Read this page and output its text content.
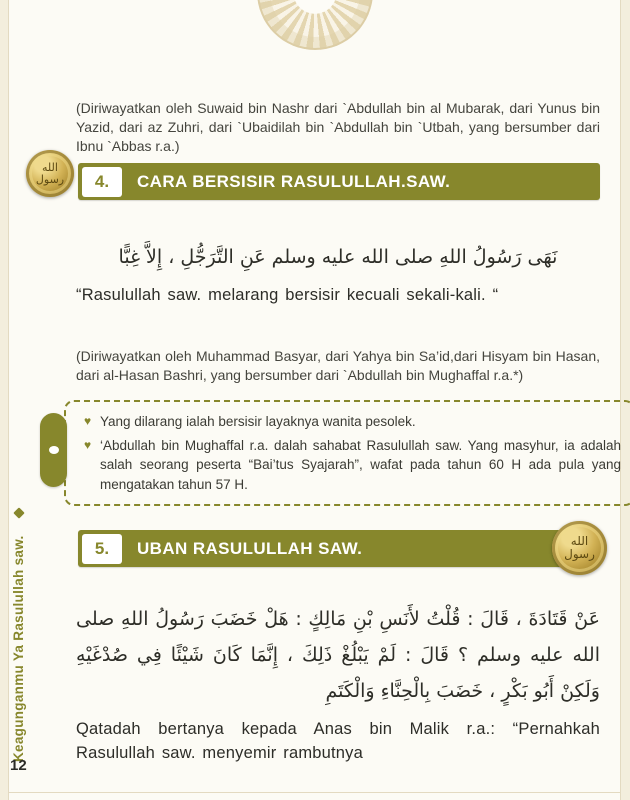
(Diriwayatkan oleh Suwaid bin Nashr dari `Abdullah bin al Mubarak, dari Yunus bin Yazid, dari az Zuhri, dari `Ubaidilah bin `Abdullah bin `Utbah, yang bersumber dari Ibnu `Abbas r.a.)

4.	CARA BERSISIR RASULULLAH.SAW.
الله
رسول

نَهَى رَسُولُ اللهِ صلى الله عليه وسلم عَنِ التَّرَجُّلِ ، إِلاَّ غِبًّا

“Rasulullah saw. melarang bersisir kecuali sekali-kali. “

(Diriwayatkan oleh Muhammad Basyar, dari Yahya bin Sa’id,dari Hisyam bin Hasan, dari al-Hasan Bashri, yang bersumber dari `Abdullah bin Mughaffal r.a.*)

♥ Yang dilarang ialah bersisir layaknya wanita pesolek.
♥ ‘Abdullah bin Mughaffal r.a. dalah sahabat Rasulullah saw. Yang masyhur, ia adalah salah seorang peserta “Bai’tus Syajarah”, wafat pada tahun 60 H ada pula yang mengatakan tahun 57 H.
5.	UBAN RASULULLAH SAW.	الله
رسول

عَنْ قَتَادَةَ ، قَالَ : قُلْتُ لأَنَسِ بْنِ مَالِكٍ : هَلْ خَضَبَ رَسُولُ اللهِ صلى الله عليه وسلم ؟ قَالَ : لَمْ يَبْلُغْ ذَلِكَ ، إِنَّمَا كَانَ شَيْئًا فِي صُدْغَيْهِ وَلَكِنْ أَبُو بَكْرٍ ، خَضَبَ بِالْحِنَّاءِ وَالْكَتَمِ

Qatadah bertanya kepada Anas bin Malik r.a.: “Pernahkah Rasulullah saw. menyemir rambutnya

Keagunganmu Ya Rasulullah saw.
12
